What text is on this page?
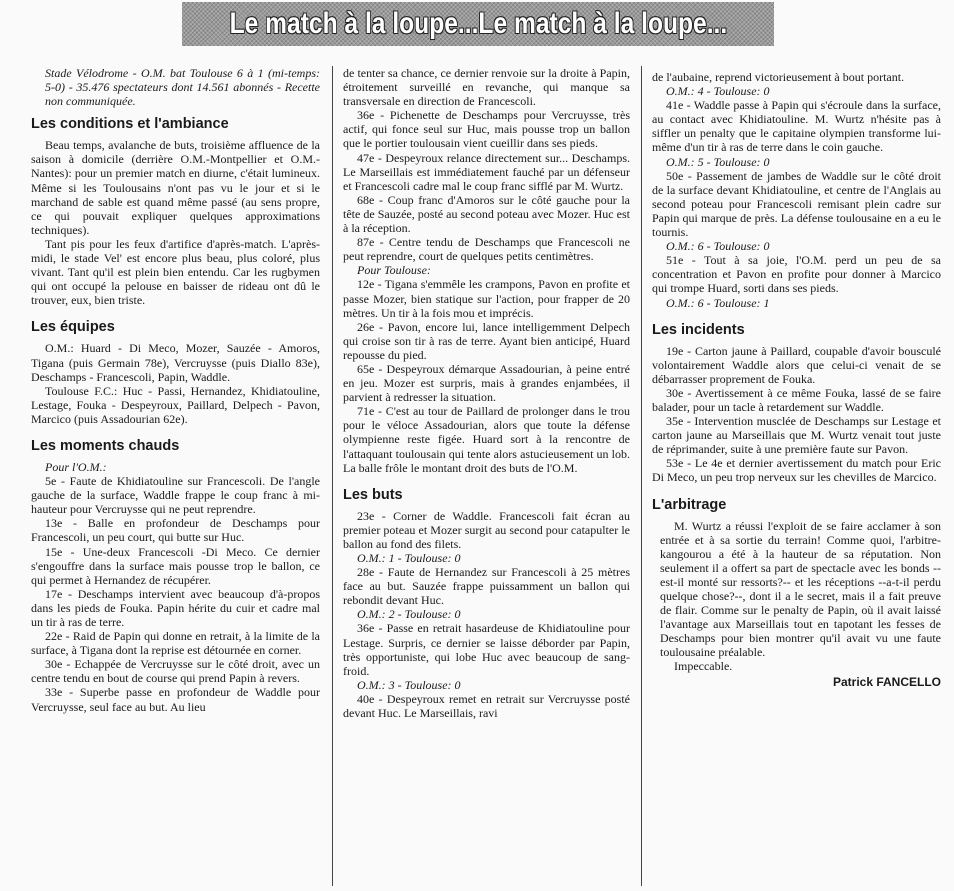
Le match à la loupe...Le match à la loupe...

Stade Vélodrome - O.M. bat Toulouse 6 à 1 (mi-temps: 5-0) - 35.476 spectateurs dont 14.561 abonnés - Recette non communiquée.

Les conditions et l'ambiance

Beau temps, avalanche de buts, troisième affluence de la saison à domicile (derrière O.M.-Montpellier et O.M.-Nantes): pour un premier match en diurne, c'était lumineux. Même si les Toulousains n'ont pas vu le jour et si le marchand de sable est quand même passé (au sens propre, ce qui pouvait expliquer quelques approximations techniques).

Tant pis pour les feux d'artifice d'après-match. L'après-midi, le stade Vel' est encore plus beau, plus coloré, plus vivant. Tant qu'il est plein bien entendu. Car les rugbymen qui ont occupé la pelouse en baisser de rideau ont dû le trouver, eux, bien triste.

Les équipes

O.M.: Huard - Di Meco, Mozer, Sauzée - Amoros, Tigana (puis Germain 78e), Vercruysse (puis Diallo 83e), Deschamps - Francescoli, Papin, Waddle.

Toulouse F.C.: Huc - Passi, Hernandez, Khidiatouline, Lestage, Fouka - Despeyroux, Paillard, Delpech - Pavon, Marcico (puis Assadourian 62e).

Les moments chauds

Pour l'O.M.:

5e - Faute de Khidiatouline sur Francescoli. De l'angle gauche de la surface, Waddle frappe le coup franc à mi-hauteur pour Vercruysse qui ne peut reprendre.

13e - Balle en profondeur de Deschamps pour Francescoli, un peu court, qui butte sur Huc.

15e - Une-deux Francescoli -Di Meco. Ce dernier s'engouffre dans la surface mais pousse trop le ballon, ce qui permet à Hernandez de récupérer.

17e - Deschamps intervient avec beaucoup d'à-propos dans les pieds de Fouka. Papin hérite du cuir et cadre mal un tir à ras de terre.

22e - Raid de Papin qui donne en retrait, à la limite de la surface, à Tigana dont la reprise est détournée en corner.

30e - Echappée de Vercruysse sur le côté droit, avec un centre tendu en bout de course qui prend Papin à revers.

33e - Superbe passe en profondeur de Waddle pour Vercruysse, seul face au but. Au lieu

de tenter sa chance, ce dernier renvoie sur la droite à Papin, étroitement surveillé en revanche, qui manque sa transversale en direction de Francescoli.

36e - Pichenette de Deschamps pour Vercruysse, très actif, qui fonce seul sur Huc, mais pousse trop un ballon que le portier toulousain vient cueillir dans ses pieds.

47e - Despeyroux relance directement sur... Deschamps. Le Marseillais est immédiatement fauché par un défenseur et Francescoli cadre mal le coup franc sifflé par M. Wurtz.

68e - Coup franc d'Amoros sur le côté gauche pour la tête de Sauzée, posté au second poteau avec Mozer. Huc est à la réception.

87e - Centre tendu de Deschamps que Francescoli ne peut reprendre, court de quelques petits centimètres.

Pour Toulouse:

12e - Tigana s'emmêle les crampons, Pavon en profite et passe Mozer, bien statique sur l'action, pour frapper de 20 mètres. Un tir à la fois mou et imprécis.

26e - Pavon, encore lui, lance intelligemment Delpech qui croise son tir à ras de terre. Ayant bien anticipé, Huard repousse du pied.

65e - Despeyroux démarque Assadourian, à peine entré en jeu. Mozer est surpris, mais à grandes enjambées, il parvient à redresser la situation.

71e - C'est au tour de Paillard de prolonger dans le trou pour le véloce Assadourian, alors que toute la défense olympienne reste figée. Huard sort à la rencontre de l'attaquant toulousain qui tente alors astucieusement un lob. La balle frôle le montant droit des buts de l'O.M.

Les buts

23e - Corner de Waddle. Francescoli fait écran au premier poteau et Mozer surgit au second pour catapulter le ballon au fond des filets.

O.M.: 1 - Toulouse: 0

28e - Faute de Hernandez sur Francescoli à 25 mètres face au but. Sauzée frappe puissamment un ballon qui rebondit devant Huc.

O.M.: 2 - Toulouse: 0

36e - Passe en retrait hasardeuse de Khidiatouline pour Lestage. Surpris, ce dernier se laisse déborder par Papin, très opportuniste, qui lobe Huc avec beaucoup de sang-froid.

O.M.: 3 - Toulouse: 0

40e - Despeyroux remet en retrait sur Vercruysse posté devant Huc. Le Marseillais, ravi

de l'aubaine, reprend victorieusement à bout portant.

O.M.: 4 - Toulouse: 0

41e - Waddle passe à Papin qui s'écroule dans la surface, au contact avec Khidiatouline. M. Wurtz n'hésite pas à siffler un penalty que le capitaine olympien transforme lui-même d'un tir à ras de terre dans le coin gauche.

O.M.: 5 - Toulouse: 0

50e - Passement de jambes de Waddle sur le côté droit de la surface devant Khidiatouline, et centre de l'Anglais au second poteau pour Francescoli remisant plein cadre sur Papin qui marque de près. La défense toulousaine en a eu le tournis.

O.M.: 6 - Toulouse: 0

51e - Tout à sa joie, l'O.M. perd un peu de sa concentration et Pavon en profite pour donner à Marcico qui trompe Huard, sorti dans ses pieds.

O.M.: 6 - Toulouse: 1

Les incidents

19e - Carton jaune à Paillard, coupable d'avoir bousculé volontairement Waddle alors que celui-ci venait de se débarrasser proprement de Fouka.

30e - Avertissement à ce même Fouka, lassé de se faire balader, pour un tacle à retardement sur Waddle.

35e - Intervention musclée de Deschamps sur Lestage et carton jaune au Marseillais que M. Wurtz venait tout juste de réprimander, suite à une première faute sur Pavon.

53e - Le 4e et dernier avertissement du match pour Eric Di Meco, un peu trop nerveux sur les chevilles de Marcico.

L'arbitrage

M. Wurtz a réussi l'exploit de se faire acclamer à son entrée et à sa sortie du terrain! Comme quoi, l'arbitre-kangourou a été à la hauteur de sa réputation. Non seulement il a offert sa part de spectacle avec les bonds --est-il monté sur ressorts?-- et les réceptions --a-t-il perdu quelque chose?--, dont il a le secret, mais il a fait preuve de flair. Comme sur le penalty de Papin, où il avait laissé l'avantage aux Marseillais tout en tapotant les fesses de Deschamps pour bien montrer qu'il avait vu une faute toulousaine préalable.

Impeccable.

Patrick FANCELLO
